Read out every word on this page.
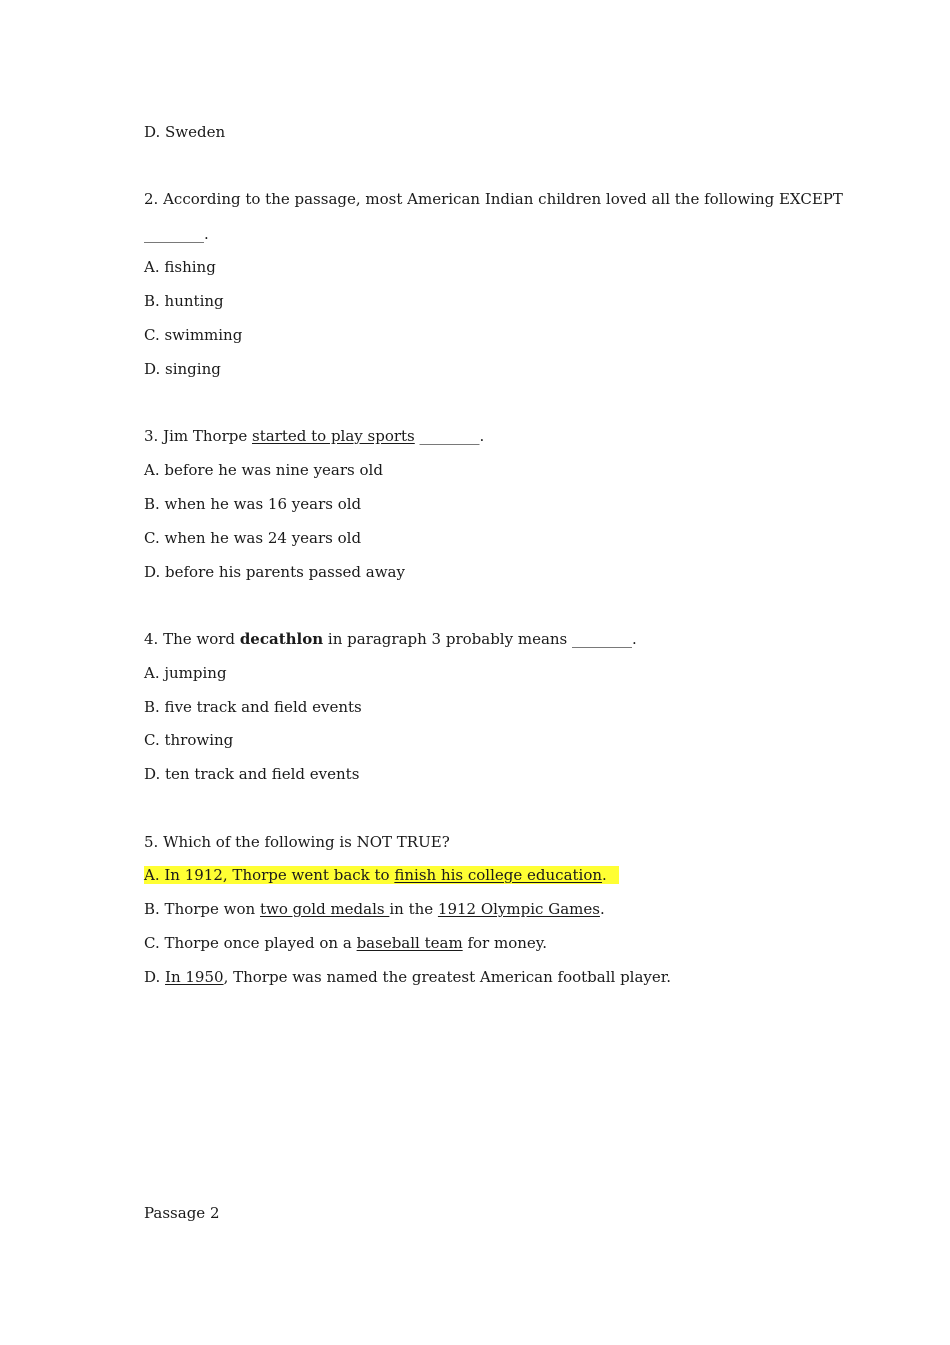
D. Sweden
2. According to the passage, most American Indian children loved all the following EXCEPT
________.
A. fishing
B. hunting
C. swimming
D. singing
3. Jim Thorpe started to play sports ________.
A. before he was nine years old
B. when he was 16 years old
C. when he was 24 years old
D. before his parents passed away
4. The word decathlon in paragraph 3 probably means ________.
A. jumping
B. five track and field events
C. throwing
D. ten track and field events
5. Which of the following is NOT TRUE?
A. In 1912, Thorpe went back to finish his college education.
B. Thorpe won two gold medals in the 1912 Olympic Games.
C. Thorpe once played on a baseball team for money.
D. In 1950, Thorpe was named the greatest American football player.
Passage 2
